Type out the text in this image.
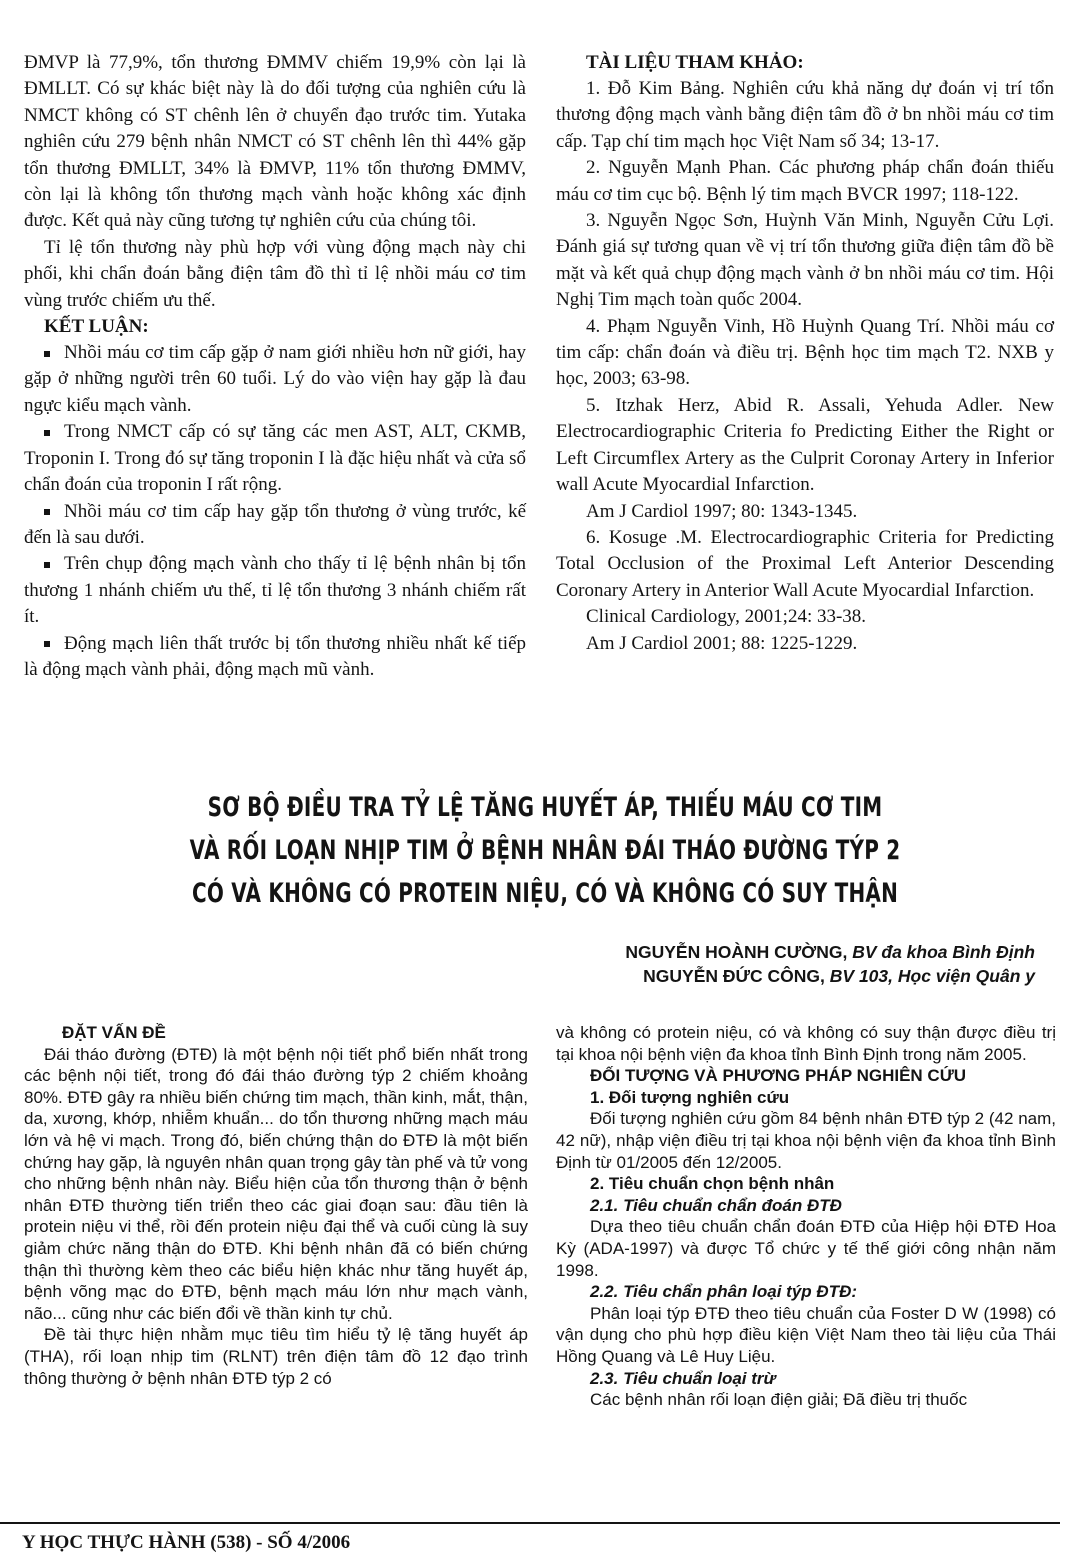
ĐMVP là 77,9%, tổn thương ĐMMV chiếm 19,9% còn lại là ĐMLLT. Có sự khác biệt này là do đối tượng của nghiên cứu là NMCT không có ST chênh lên ở chuyển đạo trước tim. Yutaka nghiên cứu 279 bệnh nhân NMCT có ST chênh lên thì 44% gặp tổn thương ĐMLLT, 34% là ĐMVP, 11% tổn thương ĐMMV, còn lại là không tổn thương mạch vành hoặc không xác định được. Kết quả này cũng tương tự nghiên cứu của chúng tôi.

Tỉ lệ tổn thương này phù hợp với vùng động mạch này chi phối, khi chẩn đoán bằng điện tâm đồ thì tỉ lệ nhồi máu cơ tim vùng trước chiếm ưu thế.

KẾT LUẬN:

Nhồi máu cơ tim cấp gặp ở nam giới nhiều hơn nữ giới, hay gặp ở những người trên 60 tuổi. Lý do vào viện hay gặp là đau ngực kiểu mạch vành.

Trong NMCT cấp có sự tăng các men AST, ALT, CKMB, Troponin I. Trong đó sự tăng troponin I là đặc hiệu nhất và cửa sổ chẩn đoán của troponin I rất rộng.

Nhồi máu cơ tim cấp hay gặp tổn thương ở vùng trước, kế đến là sau dưới.

Trên chụp động mạch vành cho thấy tỉ lệ bệnh nhân bị tổn thương 1 nhánh chiếm ưu thế, tỉ lệ tổn thương 3 nhánh chiếm rất ít.

Động mạch liên thất trước bị tổn thương nhiều nhất kế tiếp là động mạch vành phải, động mạch mũ vành.

TÀI LIỆU THAM KHẢO:

1. Đỗ Kim Bảng. Nghiên cứu khả năng dự đoán vị trí tổn thương động mạch vành bằng điện tâm đồ ở bn nhồi máu cơ tim cấp. Tạp chí tim mạch học Việt Nam số 34; 13-17.

2. Nguyễn Mạnh Phan. Các phương pháp chẩn đoán thiếu máu cơ tim cục bộ. Bệnh lý tim mạch BVCR 1997; 118-122.

3. Nguyễn Ngọc Sơn, Huỳnh Văn Minh, Nguyễn Cửu Lợi. Đánh giá sự tương quan về vị trí tổn thương giữa điện tâm đồ bề mặt và kết quả chụp động mạch vành ở bn nhồi máu cơ tim. Hội Nghị Tim mạch toàn quốc 2004.

4. Phạm Nguyễn Vinh, Hồ Huỳnh Quang Trí. Nhồi máu cơ tim cấp: chẩn đoán và điều trị. Bệnh học tim mạch T2. NXB y học, 2003; 63-98.

5. Itzhak Herz, Abid R. Assali, Yehuda Adler. New Electrocardiographic Criteria fo Predicting Either the Right or Left Circumflex Artery as the Culprit Coronay Artery in Inferior wall Acute Myocardial Infarction.

Am J Cardiol 1997; 80: 1343-1345.

6. Kosuge .M. Electrocardiographic Criteria for Predicting Total Occlusion of the Proximal Left Anterior Descending Coronary Artery in Anterior Wall Acute Myocardial Infarction.

Clinical Cardiology, 2001;24: 33-38.

Am J Cardiol 2001; 88: 1225-1229.

SƠ BỘ ĐIỀU TRA TỶ LỆ TĂNG HUYẾT ÁP, THIẾU MÁU CƠ TIM
VÀ RỐI LOẠN NHỊP TIM Ở BỆNH NHÂN ĐÁI THÁO ĐƯỜNG TÝP 2
CÓ VÀ KHÔNG CÓ PROTEIN NIỆU, CÓ VÀ KHÔNG CÓ SUY THẬN
NGUYỄN HOÀNH CƯỜNG, BV đa khoa Bình Định
NGUYỄN ĐỨC CÔNG, BV 103, Học viện Quân y

ĐẶT VẤN ĐỀ

Đái tháo đường (ĐTĐ) là một bệnh nội tiết phổ biến nhất trong các bệnh nội tiết, trong đó đái tháo đường týp 2 chiếm khoảng 80%. ĐTĐ gây ra nhiều biến chứng tim mạch, thần kinh, mắt, thận, da, xương, khớp, nhiễm khuẩn... do tổn thương những mạch máu lớn và hệ vi mạch. Trong đó, biến chứng thận do ĐTĐ là một biến chứng hay gặp, là nguyên nhân quan trọng gây tàn phế và tử vong cho những bệnh nhân này. Biểu hiện của tổn thương thận ở bệnh nhân ĐTĐ thường tiến triển theo các giai đoạn sau: đầu tiên là protein niệu vi thể, rồi đến protein niệu đại thể và cuối cùng là suy giảm chức năng thận do ĐTĐ. Khi bệnh nhân đã có biến chứng thận thì thường kèm theo các biểu hiện khác như tăng huyết áp, bệnh võng mạc do ĐTĐ, bệnh mạch máu lớn như mạch vành, não... cũng như các biến đổi về thần kinh tự chủ.

Đề tài thực hiện nhằm mục tiêu tìm hiểu tỷ lệ tăng huyết áp (THA), rối loạn nhịp tim (RLNT) trên điện tâm đồ 12 đạo trình thông thường ở bệnh nhân ĐTĐ týp 2 có

và không có protein niệu, có và không có suy thận được điều trị tại khoa nội bệnh viện đa khoa tỉnh Bình Định trong năm 2005.

ĐỐI TƯỢNG VÀ PHƯƠNG PHÁP NGHIÊN CỨU

1. Đối tượng nghiên cứu

Đối tượng nghiên cứu gồm 84 bệnh nhân ĐTĐ týp 2 (42 nam, 42 nữ), nhập viện điều trị tại khoa nội bệnh viện đa khoa tỉnh Bình Định từ 01/2005 đến 12/2005.

2. Tiêu chuẩn chọn bệnh nhân

2.1. Tiêu chuẩn chẩn đoán ĐTĐ

Dựa theo tiêu chuẩn chẩn đoán ĐTĐ của Hiệp hội ĐTĐ Hoa Kỳ (ADA-1997) và được Tổ chức y tế thế giới công nhận năm 1998.

2.2. Tiêu chẩn phân loại týp ĐTĐ:

Phân loại týp ĐTĐ theo tiêu chuẩn của Foster D W (1998) có vận dụng cho phù hợp điều kiện Việt Nam theo tài liệu của Thái Hồng Quang và Lê Huy Liệu.

2.3. Tiêu chuẩn loại trừ

Các bệnh nhân rối loạn điện giải; Đã điều trị thuốc

Y HỌC THỰC HÀNH (538) - SỐ 4/2006
